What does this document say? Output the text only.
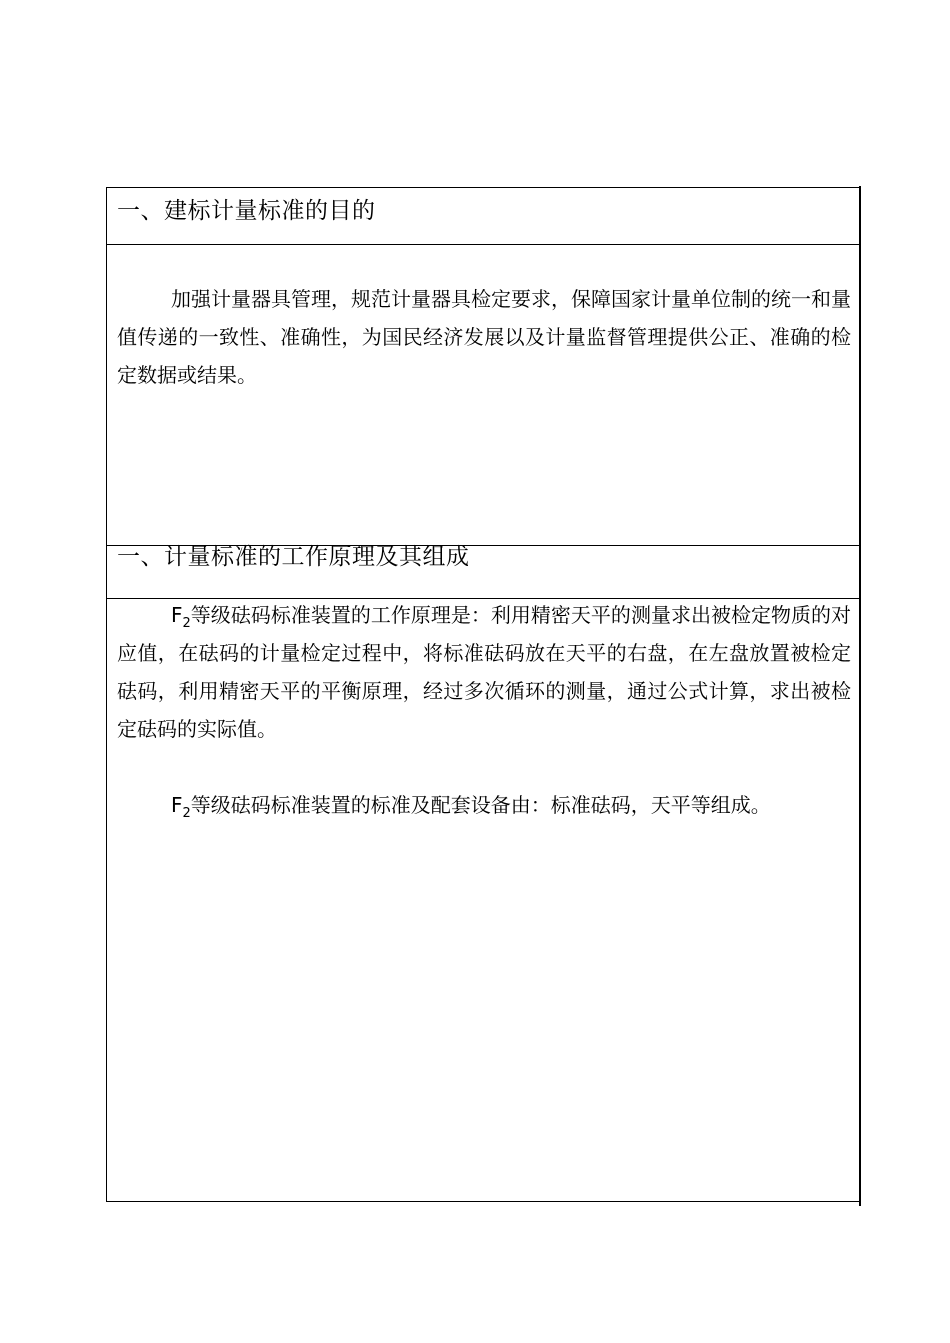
一、建标计量标准的目的

加强计量器具管理，规范计量器具检定要求，保障国家计量单位制的统一和量值传递的一致性、准确性，为国民经济发展以及计量监督管理提供公正、准确的检定数据或结果。

一、计量标准的工作原理及其组成

$F_2$等级砝码标准装置的工作原理是：利用精密天平的测量求出被检定物质的对应值，在砝码的计量检定过程中，将标准砝码放在天平的右盘，在左盘放置被检定砝码，利用精密天平的平衡原理，经过多次循环的测量，通过公式计算，求出被检定砝码的实际值。

$F_2$等级砝码标准装置的标准及配套设备由：标准砝码，天平等组成。
